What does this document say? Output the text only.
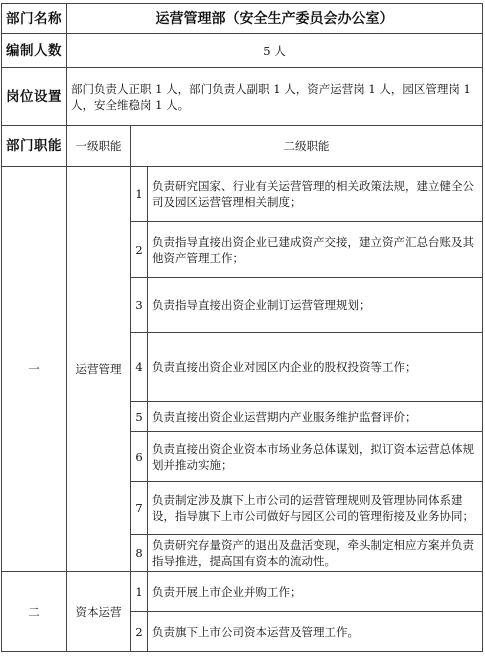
部门名称	运营管理部（安全生产委员会办公室）		
编制人数	5 人		
岗位设置	部门负责人正职 1 人，部门负责人副职 1 人，资产运营岗 1 人，园区管理岗 1 人，安全维稳岗 1 人。		
部门职能	一级职能	二级职能	
一	运营管理	1	负责研究国家、行业有关运营管理的相关政策法规，建立健全公司及园区运营管理相关制度；
		2	负责指导直接出资企业已建成资产交接，建立资产汇总台账及其他资产管理工作；
		3	负责指导直接出资企业制订运营管理规划；
		4	负责直接出资企业对园区内企业的股权投资等工作；
		5	负责直接出资企业运营期内产业服务维护监督评价；
		6	负责直接出资企业资本市场业务总体谋划，拟订资本运营总体规划并推动实施；
		7	负责制定涉及旗下上市公司的运营管理规则及管理协同体系建设，指导旗下上市公司做好与园区公司的管理衔接及业务协同；
		8	负责研究存量资产的退出及盘活变现，牵头制定相应方案并负责指导推进，提高国有资本的流动性。
二	资本运营	1	负责开展上市企业并购工作；
		2	负责旗下上市公司资本运营及管理工作。
